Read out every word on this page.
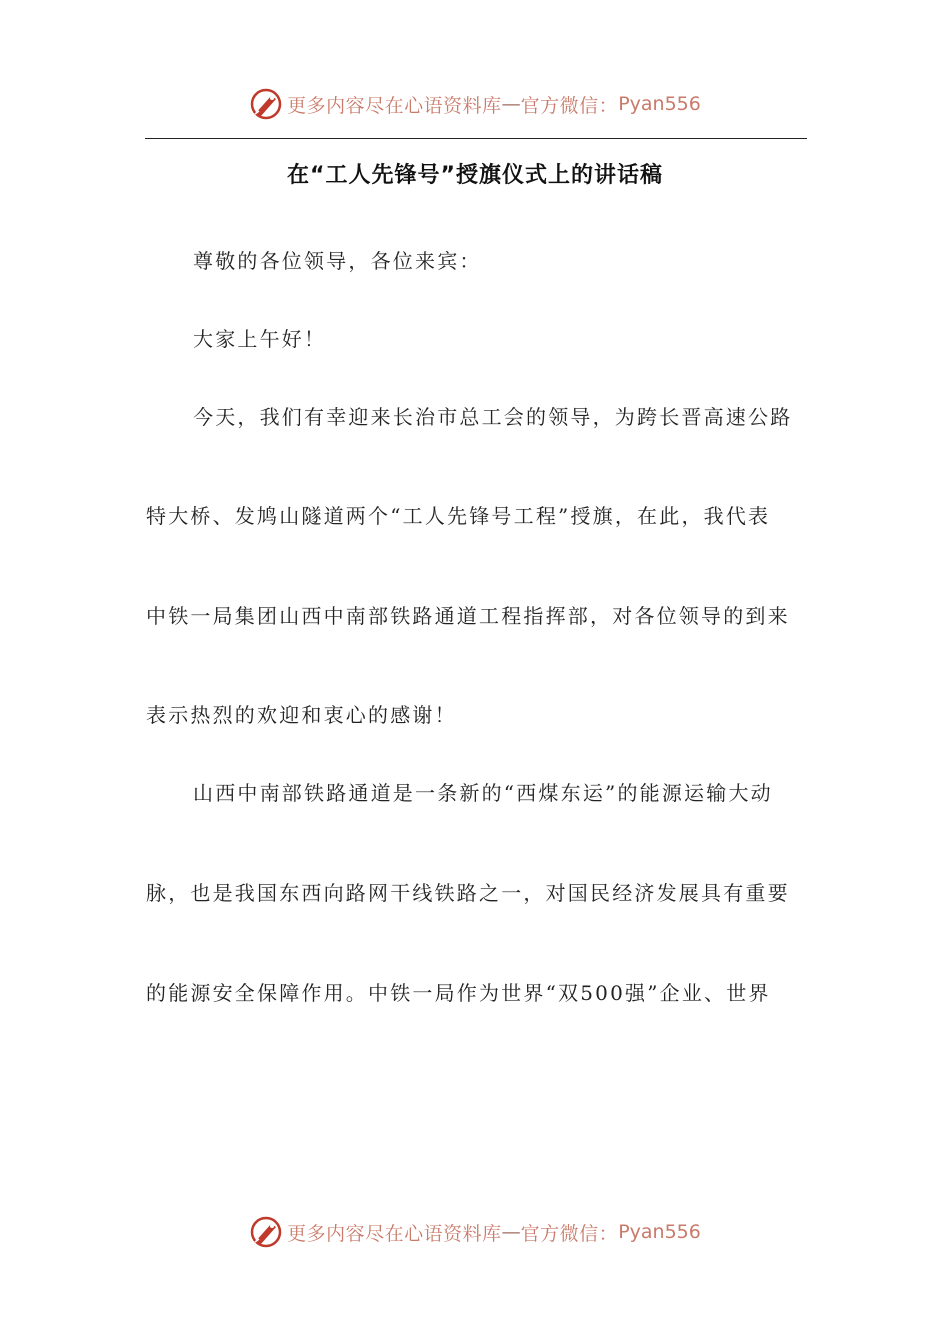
更多内容尽在心语资料库 — 官方微信： Pyan556
在“工人先锋号”授旗仪式上的讲话稿
尊敬的各位领导，各位来宾：
大家上午好！
今天，我们有幸迎来长治市总工会的领导，为跨长晋高速公路
特大桥、发鸠山隧道两个“工人先锋号工程”授旗，在此，我代表
中铁一局集团山西中南部铁路通道工程指挥部，对各位领导的到来
表示热烈的欢迎和衷心的感谢！
山西中南部铁路通道是一条新的“西煤东运”的能源运输大动
脉，也是我国东西向路网干线铁路之一，对国民经济发展具有重要
的能源安全保障作用。中铁一局作为世界“双500强”企业、世界
更多内容尽在心语资料库 — 官方微信： Pyan556
